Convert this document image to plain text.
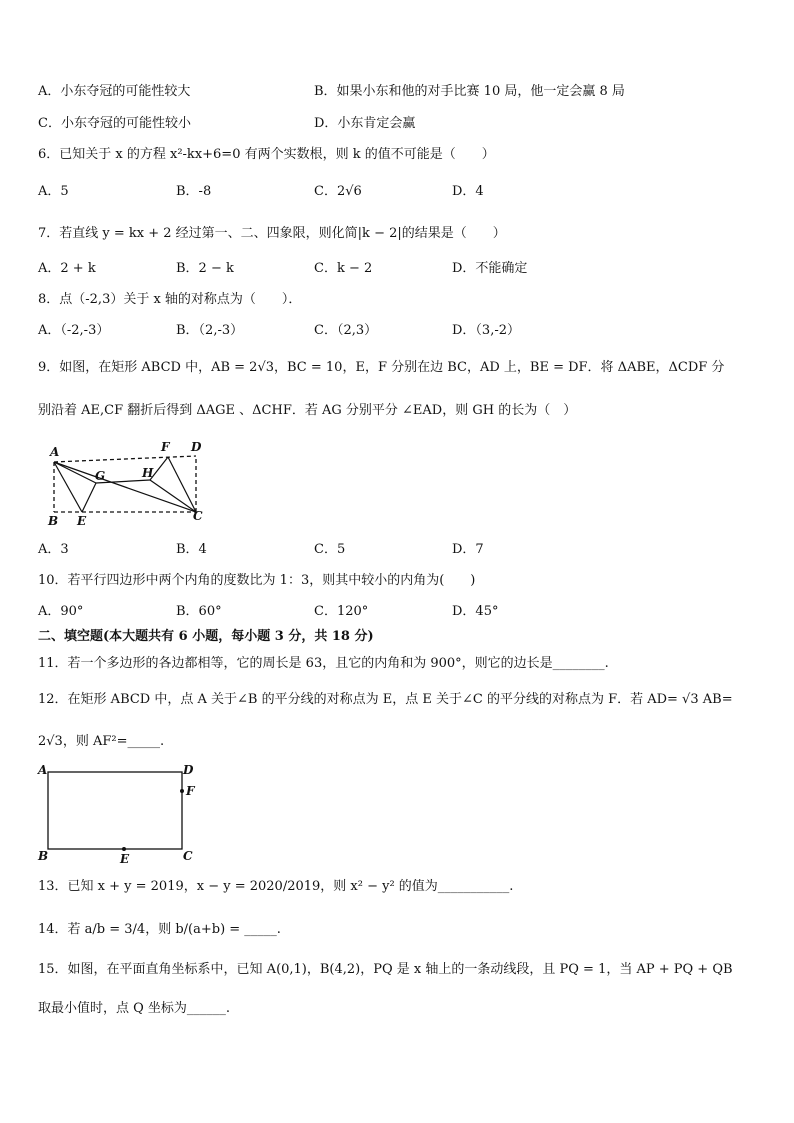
A．小东夺冠的可能性较大	B．如果小东和他的对手比赛 10 局，他一定会赢 8 局
C．小东夺冠的可能性较小	D．小东肯定会赢
6．已知关于 x 的方程 x²-kx+6=0 有两个实数根，则 k 的值不可能是（　　）
A．5	B．-8	C．2√6	D．4
7．若直线 y = kx + 2 经过第一、二、四象限，则化简|k − 2|的结果是（　　）
A．2 + k	B．2 − k	C．k − 2	D．不能确定
8．点（-2,3）关于 x 轴的对称点为（　　）．
A．（-2,-3）	B．（2,-3）	C．（2,3）	D．（3,-2）
9．如图，在矩形 ABCD 中，AB = 2√3，BC = 10，E，F 分别在边 BC，AD 上，BE = DF．将 ΔABE，ΔCDF 分
别沿着 AE,CF 翻折后得到 ΔAGE 、ΔCHF．若 AG 分别平分 ∠EAD，则 GH 的长为（　）
A
B	C
D
E
F
G	H
A．3	B．4	C．5	D．7
10．若平行四边形中两个内角的度数比为 1：3，则其中较小的内角为(　　)
A．90°	B．60°	C．120°	D．45°
二、填空题(本大题共有 6 小题，每小题 3 分，共 18 分)
11．若一个多边形的各边都相等，它的周长是 63，且它的内角和为 900°，则它的边长是________.
12．在矩形 ABCD 中，点 A 关于∠B 的平分线的对称点为 E，点 E 关于∠C 的平分线的对称点为 F．若 AD= √3 AB=
2√3，则 AF²=_____.
A
B	C
D
E
F
13．已知 x + y = 2019，x − y = 2020/2019，则 x² − y² 的值为___________.
14．若 a/b = 3/4，则 b/(a+b) = _____.
15．如图，在平面直角坐标系中，已知 A(0,1)，B(4,2)，PQ 是 x 轴上的一条动线段，且 PQ = 1，当 AP + PQ + QB
取最小值时，点 Q 坐标为______.
